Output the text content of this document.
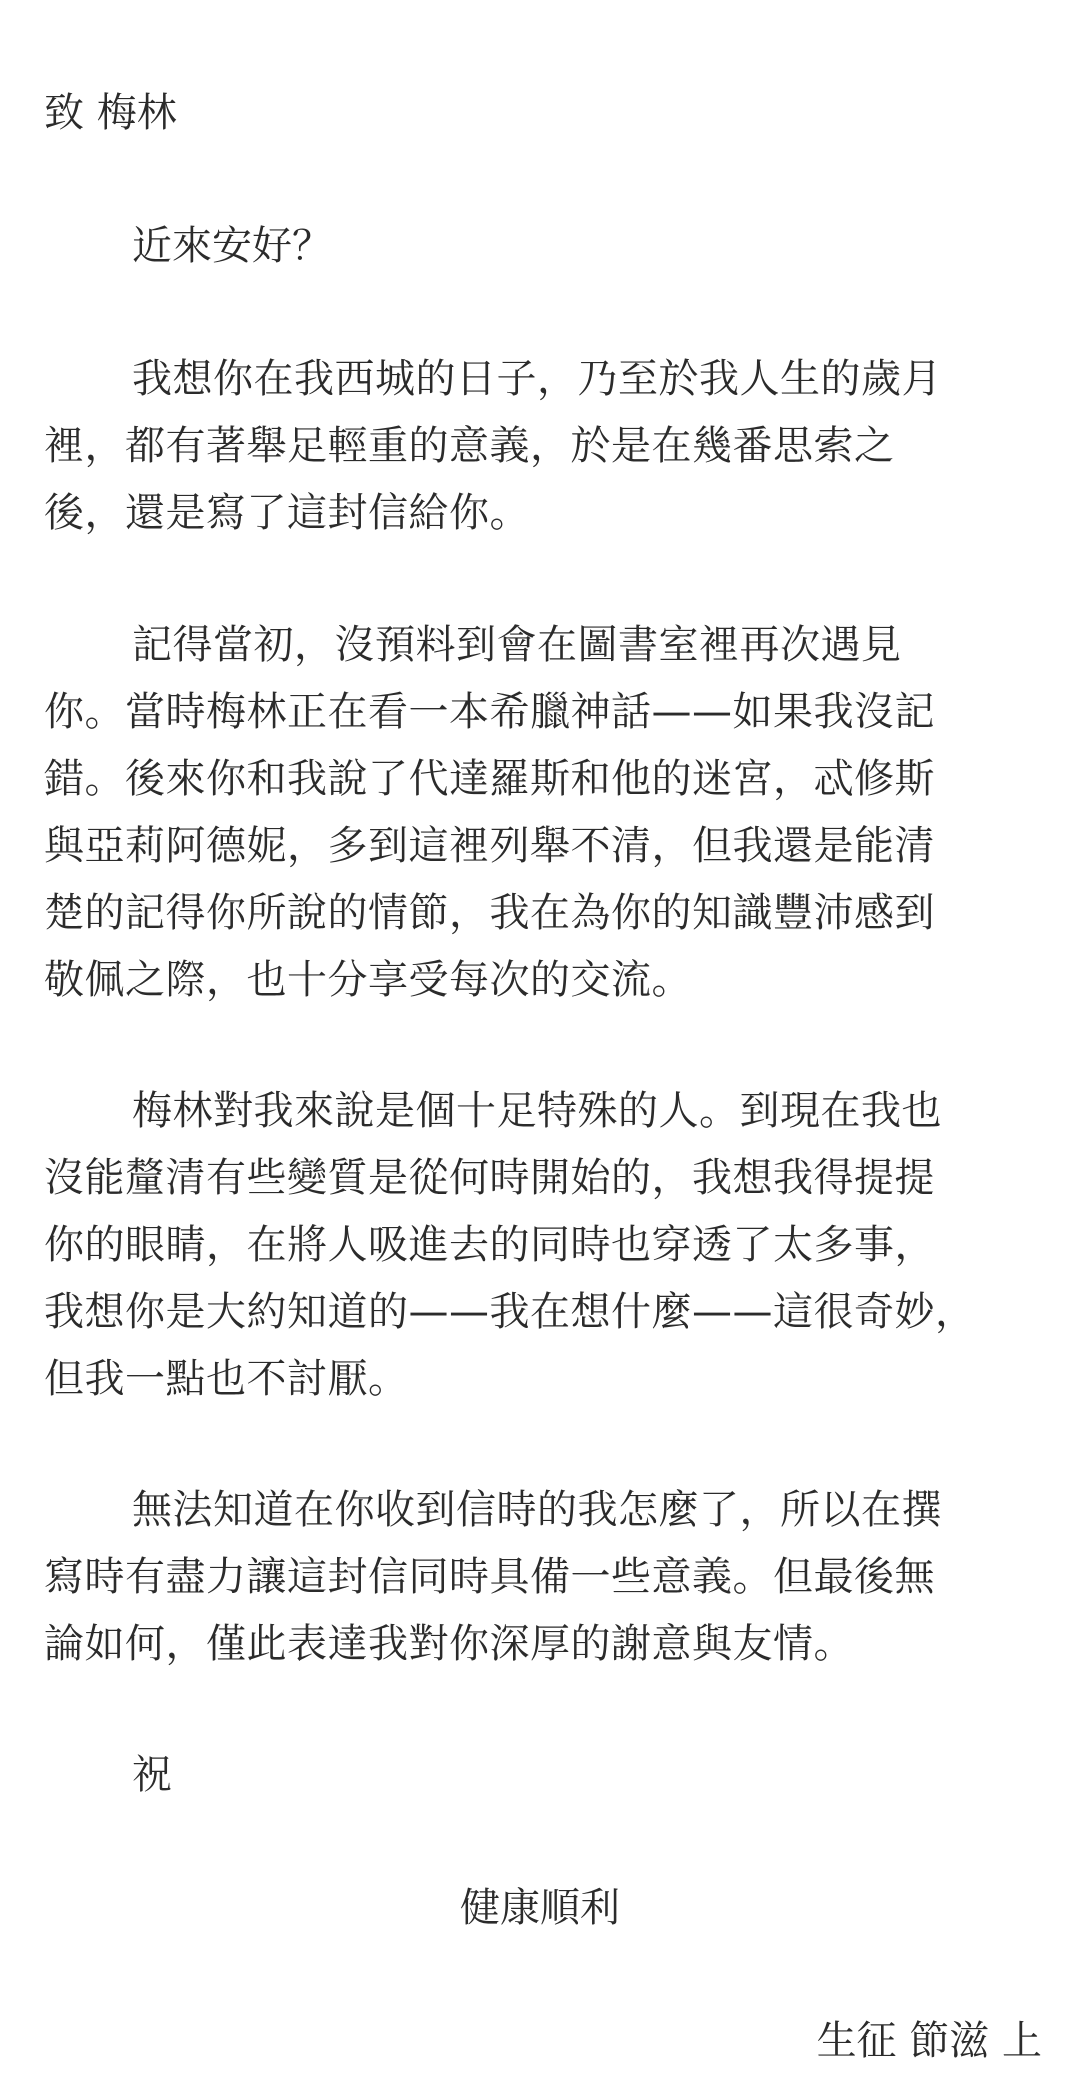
致 梅林
近來安好？
我想你在我西城的日子，乃至於我人生的歲月
裡，都有著舉足輕重的意義，於是在幾番思索之
後，還是寫了這封信給你。
記得當初，沒預料到會在圖書室裡再次遇見
你。當時梅林正在看一本希臘神話——如果我沒記
錯。後來你和我說了代達羅斯和他的迷宮，忒修斯
與亞莉阿德妮，多到這裡列舉不清，但我還是能清
楚的記得你所說的情節，我在為你的知識豐沛感到
敬佩之際，也十分享受每次的交流。
梅林對我來說是個十足特殊的人。到現在我也
沒能釐清有些變質是從何時開始的，我想我得提提
你的眼睛，在將人吸進去的同時也穿透了太多事，
我想你是大約知道的——我在想什麼——這很奇妙，
但我一點也不討厭。
無法知道在你收到信時的我怎麼了，所以在撰
寫時有盡力讓這封信同時具備一些意義。但最後無
論如何，僅此表達我對你深厚的謝意與友情。
祝
健康順利
生征 節滋 上
